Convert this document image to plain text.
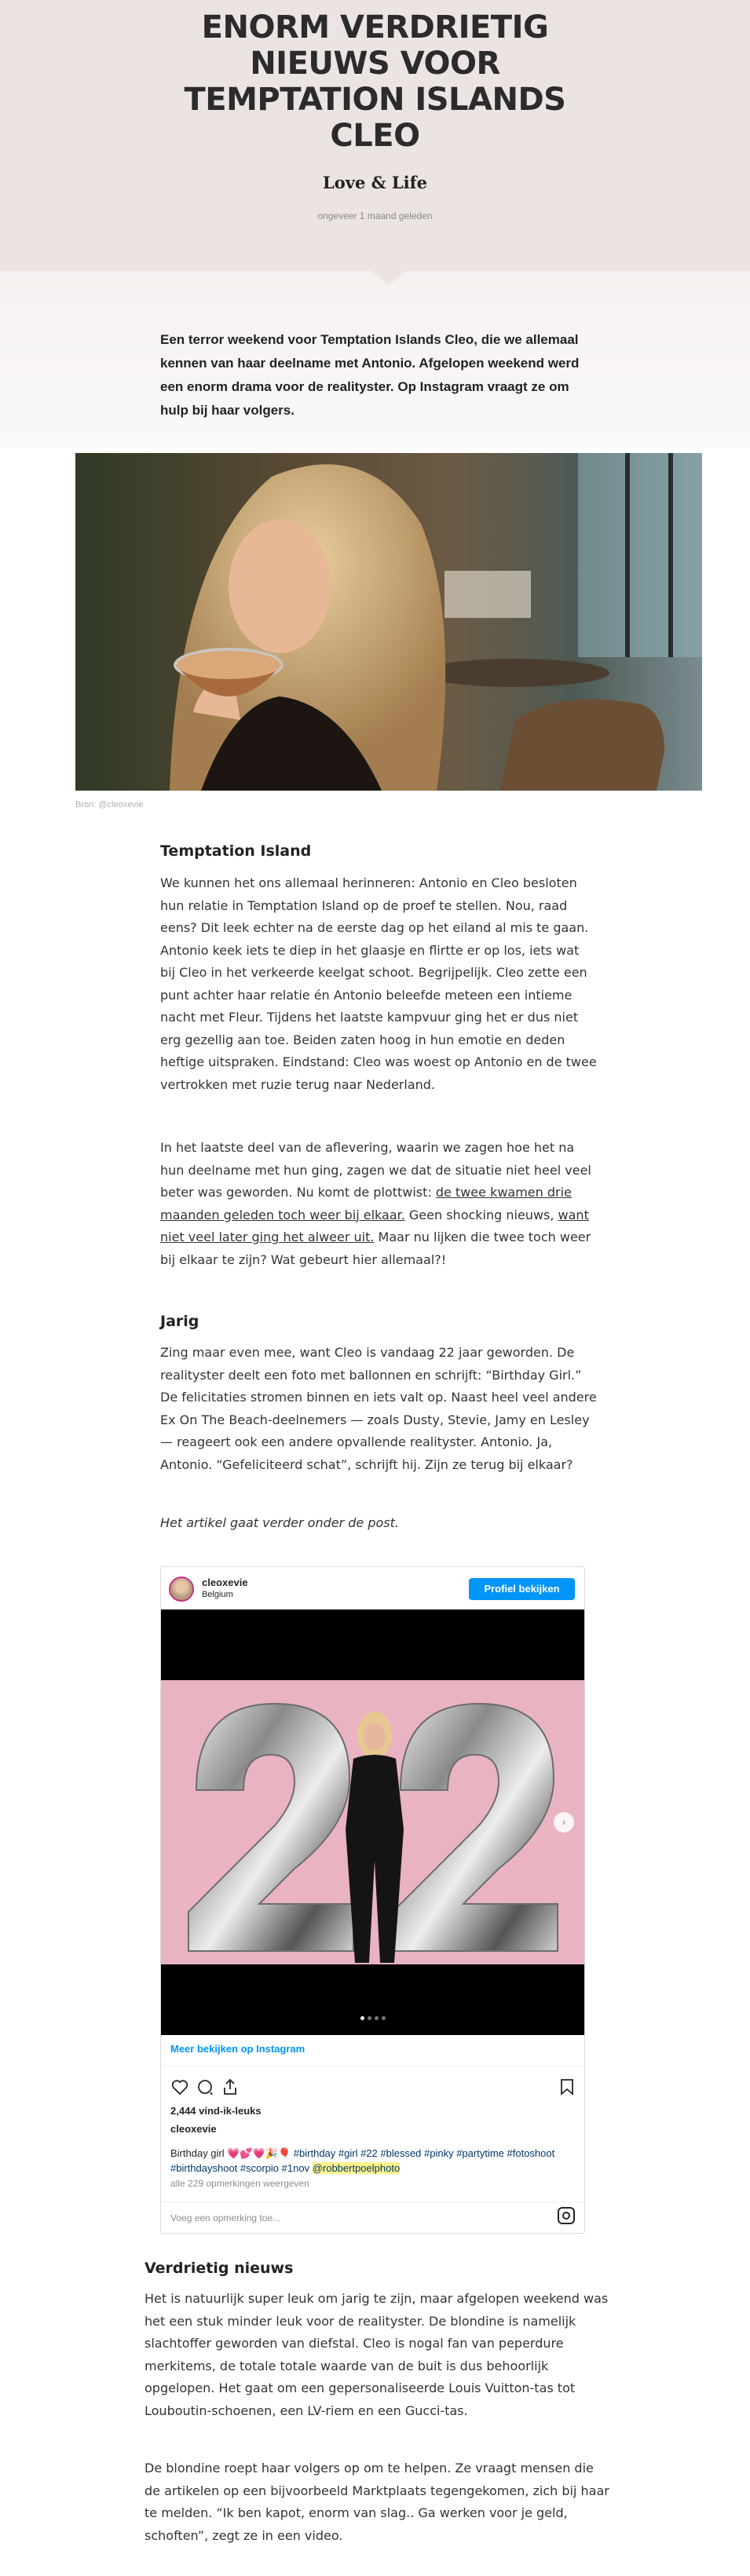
ENORM VERDRIETIG NIEUWS VOOR TEMPTATION ISLANDS CLEO
Love & Life
ongeveer 1 maand geleden

Een terror weekend voor Temptation Islands Cleo, die we allemaal kennen van haar deelname met Antonio. Afgelopen weekend werd een enorm drama voor de realityster. Op Instagram vraagt ze om hulp bij haar volgers.

Bron: @cleoxevie
Temptation Island

We kunnen het ons allemaal herinneren: Antonio en Cleo besloten hun relatie in Temptation Island op de proef te stellen. Nou, raad eens? Dit leek echter na de eerste dag op het eiland al mis te gaan. Antonio keek iets te diep in het glaasje en flirtte er op los, iets wat bij Cleo in het verkeerde keelgat schoot. Begrijpelijk. Cleo zette een punt achter haar relatie én Antonio beleefde meteen een intieme nacht met Fleur. Tijdens het laatste kampvuur ging het er dus niet erg gezellig aan toe. Beiden zaten hoog in hun emotie en deden heftige uitspraken. Eindstand: Cleo was woest op Antonio en de twee vertrokken met ruzie terug naar Nederland.

In het laatste deel van de aflevering, waarin we zagen hoe het na hun deelname met hun ging, zagen we dat de situatie niet heel veel beter was geworden. Nu komt de plottwist: de twee kwamen drie maanden geleden toch weer bij elkaar. Geen shocking nieuws, want niet veel later ging het alweer uit. Maar nu lijken die twee toch weer bij elkaar te zijn? Wat gebeurt hier allemaal?!

Jarig

Zing maar even mee, want Cleo is vandaag 22 jaar geworden. De realityster deelt een foto met ballonnen en schrijft: “Birthday Girl.” De felicitaties stromen binnen en iets valt op. Naast heel veel andere Ex On The Beach-deelnemers — zoals Dusty, Stevie, Jamy en Lesley — reageert ook een andere opvallende realityster. Antonio. Ja, Antonio. “Gefeliciteerd schat”, schrijft hij. Zijn ze terug bij elkaar?

Het artikel gaat verder onder de post.

cleoxevie
Belgium	Profiel bekijken
›
Meer bekijken op Instagram
2,444 vind-ik-leuks
cleoxevie
Birthday girl 💗💕💗🎉🎈 #birthday #girl #22 #blessed #pinky #partytime #fotoshoot #birthdayshoot #scorpio #1nov @robbertpoelphoto
alle 229 opmerkingen weergeven
Voeg een opmerking toe...
Verdrietig nieuws

Het is natuurlijk super leuk om jarig te zijn, maar afgelopen weekend was het een stuk minder leuk voor de realityster. De blondine is namelijk slachtoffer geworden van diefstal. Cleo is nogal fan van peperdure merkitems, de totale totale waarde van de buit is dus behoorlijk opgelopen. Het gaat om een gepersonaliseerde Louis Vuitton-tas tot Louboutin-schoenen, een LV-riem en een Gucci-tas.

De blondine roept haar volgers op om te helpen. Ze vraagt mensen die de artikelen op een bijvoorbeeld Marktplaats tegengekomen, zich bij haar te melden. “Ik ben kapot, enorm van slag.. Ga werken voor je geld, schoften”, zegt ze in een video.
